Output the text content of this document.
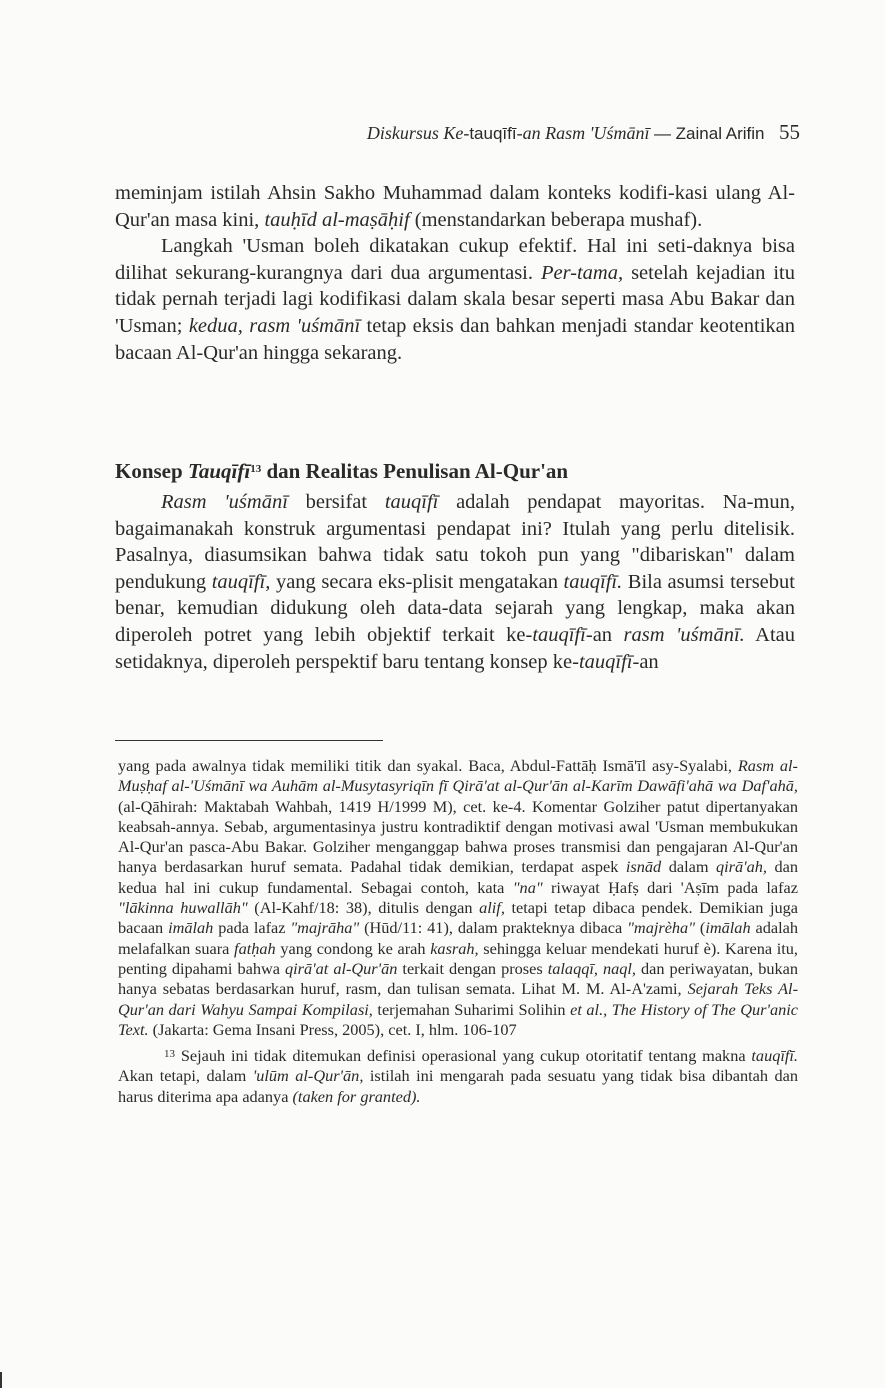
Diskursus Ke-tauqīfī-an Rasm 'Uśmānī — Zainal Arifin 55

meminjam istilah Ahsin Sakho Muhammad dalam konteks kodifi-kasi ulang Al-Qur'an masa kini, tauḥīd al-maṣāḥif (menstandarkan beberapa mushaf).

Langkah 'Usman boleh dikatakan cukup efektif. Hal ini seti-daknya bisa dilihat sekurang-kurangnya dari dua argumentasi. Per-tama, setelah kejadian itu tidak pernah terjadi lagi kodifikasi dalam skala besar seperti masa Abu Bakar dan 'Usman; kedua, rasm 'uśmānī tetap eksis dan bahkan menjadi standar keotentikan bacaan Al-Qur'an hingga sekarang.

Konsep Tauqīfī$^{13}$ dan Realitas Penulisan Al-Qur'an

Rasm 'uśmānī bersifat tauqīfī adalah pendapat mayoritas. Na-mun, bagaimanakah konstruk argumentasi pendapat ini? Itulah yang perlu ditelisik. Pasalnya, diasumsikan bahwa tidak satu tokoh pun yang "dibariskan" dalam pendukung tauqīfī, yang secara eks-plisit mengatakan tauqīfī. Bila asumsi tersebut benar, kemudian didukung oleh data-data sejarah yang lengkap, maka akan diperoleh potret yang lebih objektif terkait ke-tauqīfī-an rasm 'uśmānī. Atau setidaknya, diperoleh perspektif baru tentang konsep ke-tauqīfī-an

yang pada awalnya tidak memiliki titik dan syakal. Baca, Abdul-Fattāḥ Ismā'īl asy-Syalabi, Rasm al-Muṣḥaf al-'Uśmānī wa Auhām al-Musytasyriqīn fī Qirā'at al-Qur'ān al-Karīm Dawāfi'ahā wa Daf'ahā, (al-Qāhirah: Maktabah Wahbah, 1419 H/1999 M), cet. ke-4. Komentar Golziher patut dipertanyakan keabsah-annya. Sebab, argumentasinya justru kontradiktif dengan motivasi awal 'Usman membukukan Al-Qur'an pasca-Abu Bakar. Golziher menganggap bahwa proses transmisi dan pengajaran Al-Qur'an hanya berdasarkan huruf semata. Padahal tidak demikian, terdapat aspek isnād dalam qirā'ah, dan kedua hal ini cukup fundamental. Sebagai contoh, kata "na" riwayat Ḥafṣ dari 'Aṣīm pada lafaz "lākinna huwallāh" (Al-Kahf/18: 38), ditulis dengan alif, tetapi tetap dibaca pendek. Demikian juga bacaan imālah pada lafaz "majrāha" (Hūd/11: 41), dalam prakteknya dibaca "majrèha" (imālah adalah melafalkan suara fatḥah yang condong ke arah kasrah, sehingga keluar mendekati huruf è). Karena itu, penting dipahami bahwa qirā'at al-Qur'ān terkait dengan proses talaqqī, naql, dan periwayatan, bukan hanya sebatas berdasarkan huruf, rasm, dan tulisan semata. Lihat M. M. Al-A'zami, Sejarah Teks Al-Qur'an dari Wahyu Sampai Kompilasi, terjemahan Suharimi Solihin et al., The History of The Qur'anic Text. (Jakarta: Gema Insani Press, 2005), cet. I, hlm. 106-107

$^{13}$ Sejauh ini tidak ditemukan definisi operasional yang cukup otoritatif tentang makna tauqīfī. Akan tetapi, dalam 'ulūm al-Qur'ān, istilah ini mengarah pada sesuatu yang tidak bisa dibantah dan harus diterima apa adanya (taken for granted).
